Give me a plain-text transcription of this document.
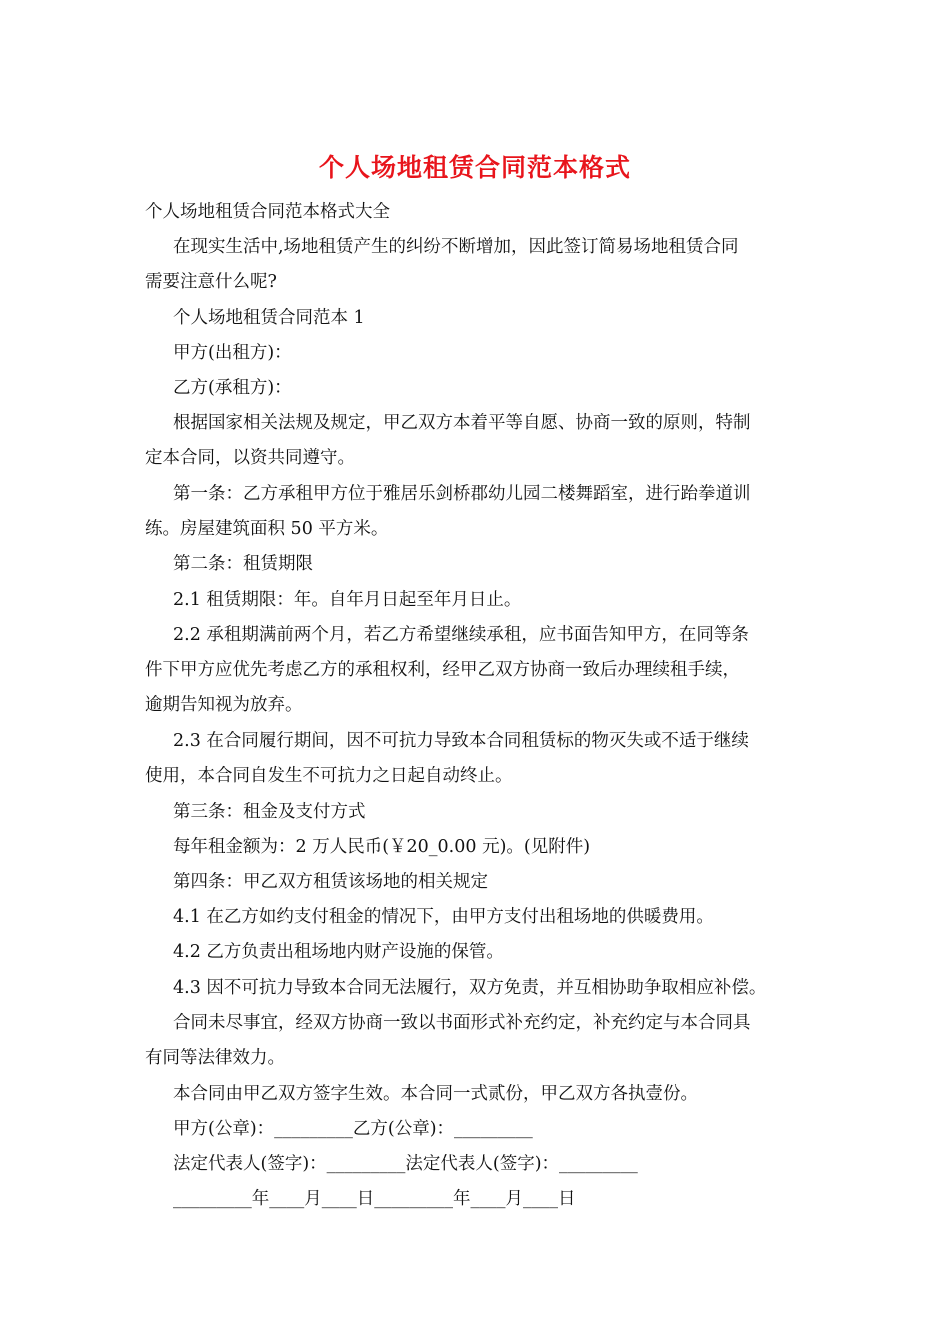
个人场地租赁合同范本格式
个人场地租赁合同范本格式大全
在现实生活中,场地租赁产生的纠纷不断增加，因此签订简易场地租赁合同
需要注意什么呢?
个人场地租赁合同范本 1
甲方(出租方)：
乙方(承租方)：
根据国家相关法规及规定，甲乙双方本着平等自愿、协商一致的原则，特制
定本合同，以资共同遵守。
第一条：乙方承租甲方位于雅居乐剑桥郡幼儿园二楼舞蹈室，进行跆拳道训
练。房屋建筑面积 50 平方米。
第二条：租赁期限
2.1 租赁期限：年。自年月日起至年月日止。
2.2 承租期满前两个月，若乙方希望继续承租，应书面告知甲方，在同等条
件下甲方应优先考虑乙方的承租权利，经甲乙双方协商一致后办理续租手续，
逾期告知视为放弃。
2.3 在合同履行期间，因不可抗力导致本合同租赁标的物灭失或不适于继续
使用，本合同自发生不可抗力之日起自动终止。
第三条：租金及支付方式
每年租金额为：2 万人民币(￥20_0.00 元)。(见附件)
第四条：甲乙双方租赁该场地的相关规定
4.1 在乙方如约支付租金的情况下，由甲方支付出租场地的供暖费用。
4.2 乙方负责出租场地内财产设施的保管。
4.3 因不可抗力导致本合同无法履行，双方免责，并互相协助争取相应补偿。
合同未尽事宜，经双方协商一致以书面形式补充约定，补充约定与本合同具
有同等法律效力。
本合同由甲乙双方签字生效。本合同一式贰份，甲乙双方各执壹份。
甲方(公章)：_________乙方(公章)：_________
法定代表人(签字)：_________法定代表人(签字)：_________
_________年____月____日_________年____月____日
